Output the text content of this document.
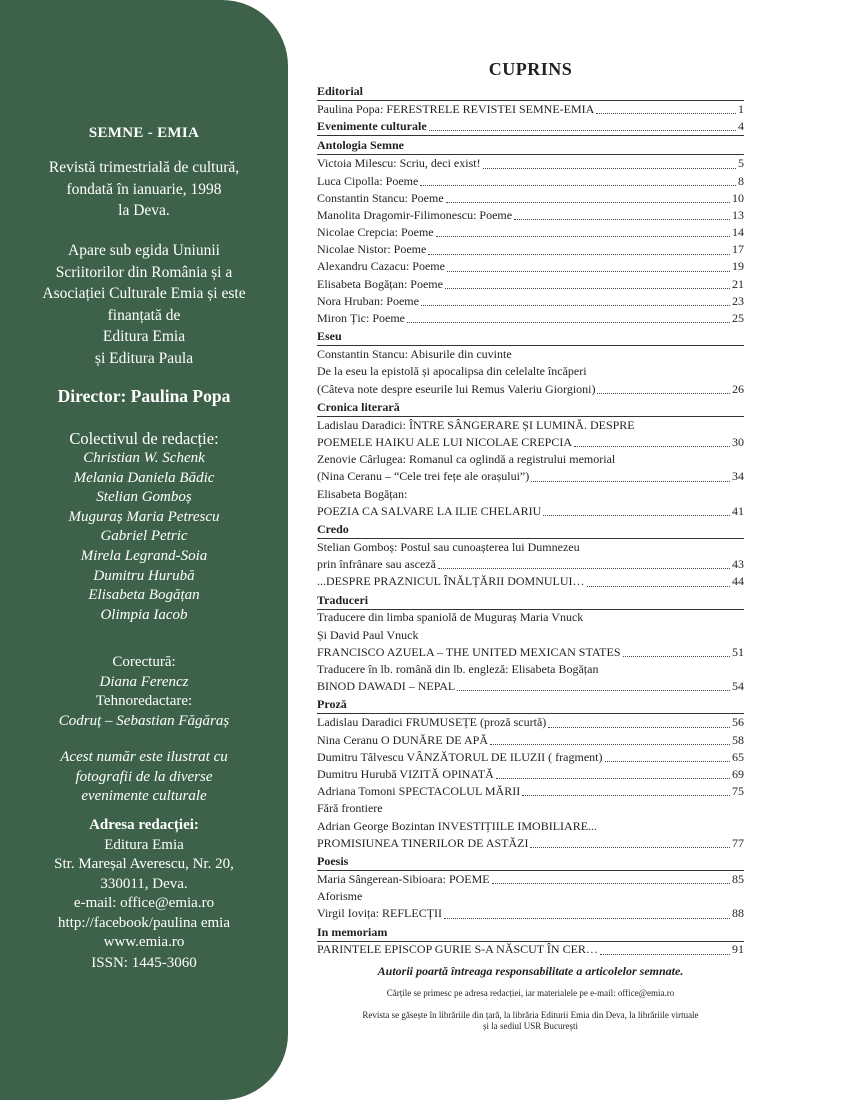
SEMNE - EMIA
Revistă trimestrială de cultură,
fondată în ianuarie, 1998
la Deva.
Apare sub egida Uniunii
Scriitorilor din România și a
Asociației Culturale Emia și este
finanțată de
Editura Emia
și Editura Paula
Director: Paulina Popa
Colectivul de redacție:
Christian W. Schenk
Melania Daniela Bădic
Stelian Gomboș
Muguraș Maria Petrescu
Gabriel Petric
Mirela Legrand-Soia
Dumitru Hurubă
Elisabeta Bogățan
Olimpia Iacob
Corectură:
Diana Ferencz
Tehnoredactare:
Codruț – Sebastian Făgăraș
Acest număr este ilustrat cu
fotografii de la diverse
evenimente culturale
Adresa redacției:
Editura Emia
Str. Mareșal Averescu, Nr. 20,
330011, Deva.
e-mail: office@emia.ro
http://facebook/paulina emia
www.emia.ro
ISSN: 1445-3060
CUPRINS
Editorial
Paulina Popa: FERESTRELE REVISTEI SEMNE-EMIA	1
Evenimente culturale	4
Antologia Semne
Victoia Milescu: Scriu, deci exist!	5
Luca Cipolla: Poeme	8
Constantin Stancu: Poeme	10
Manolita Dragomir-Filimonescu: Poeme	13
Nicolae Crepcia: Poeme	14
Nicolae Nistor: Poeme	17
Alexandru Cazacu: Poeme	19
Elisabeta Bogățan: Poeme	21
Nora Hruban: Poeme	23
Miron Țic: Poeme	25
Eseu
Constantin Stancu: Abisurile din cuvinte
De la eseu la epistolă și apocalipsa din celelalte încăperi
(Câteva note despre eseurile lui Remus Valeriu Giorgioni)	26
Cronica literară
Ladislau Daradici: ÎNTRE SÂNGERARE ȘI LUMINĂ. DESPRE
POEMELE HAIKU ALE LUI NICOLAE CREPCIA	30
Zenovie Cârlugea: Romanul ca oglindă a registrului memorial
(Nina Ceranu – “Cele trei fețe ale orașului”)	34
Elisabeta Bogățan:
POEZIA CA SALVARE LA ILIE CHELARIU	41
Credo
Stelian Gomboș: Postul sau cunoașterea lui Dumnezeu
prin înfrânare sau asceză	43
...DESPRE PRAZNICUL ÎNĂLȚĂRII DOMNULUI…	44
Traduceri
Traducere din limba spaniolă de Muguraș Maria Vnuck
Și David Paul Vnuck
FRANCISCO AZUELA – THE UNITED MEXICAN STATES	51
Traducere în lb. română din lb. engleză: Elisabeta Bogățan
BINOD DAWADI – NEPAL	54
Proză
Ladislau Daradici FRUMUSEȚE (proză scurtă)	56
Nina Ceranu O DUNĂRE DE APĂ	58
Dumitru Tâlvescu VÂNZĂTORUL DE ILUZII ( fragment)	65
Dumitru Hurubă VIZITĂ OPINATĂ	69
Adriana Tomoni SPECTACOLUL MĂRII	75
Fără frontiere
Adrian George Bozintan INVESTIȚIILE IMOBILIARE...
PROMISIUNEA TINERILOR DE ASTĂZI	77
Poesis
Maria Sângerean-Sibioara: POEME	85
Aforisme
Virgil Iovița: REFLECȚII	88
In memoriam
PARINTELE EPISCOP GURIE S-A NĂSCUT ÎN CER…	91
Autorii poartă întreaga responsabilitate a articolelor semnate.
Cărțile se primesc pe adresa redacției, iar materialele pe e-mail: office@emia.ro
Revista se găsește în librăriile din țară, la librăria Editurii Emia din Deva, la librăriile virtuale
și la sediul USR București
